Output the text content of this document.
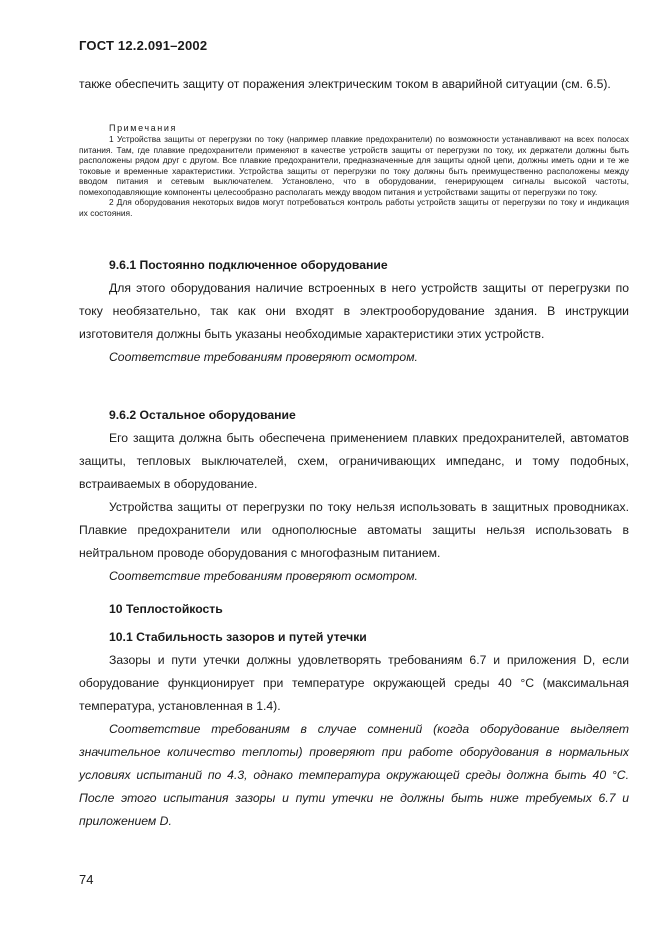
ГОСТ 12.2.091–2002

также обеспечить защиту от поражения электрическим током в аварийной ситуации (см. 6.5).

Примечания

1 Устройства защиты от перегрузки по току (например плавкие предохранители) по возможности устанавливают на всех полосах питания. Там, где плавкие предохранители применяют в качестве устройств защиты от перегрузки по току, их держатели должны быть расположены рядом друг с другом. Все плавкие предохранители, предназначенные для защиты одной цепи, должны иметь одни и те же токовые и временные характеристики. Устройства защиты от перегрузки по току должны быть преимущественно расположены между вводом питания и сетевым выключателем. Установлено, что в оборудовании, генерирующем сигналы высокой частоты, помехоподавляющие компоненты целесообразно располагать между вводом питания и устройствами защиты от перегрузки по току.

2 Для оборудования некоторых видов могут потребоваться контроль работы устройств защиты от перегрузки по току и индикация их состояния.

9.6.1 Постоянно подключенное оборудование

Для этого оборудования наличие встроенных в него устройств защиты от перегрузки по току необязательно, так как они входят в электрооборудование здания. В инструкции изготовителя должны быть указаны необходимые характеристики этих устройств.

Соответствие требованиям проверяют осмотром.

9.6.2 Остальное оборудование

Его защита должна быть обеспечена применением плавких предохранителей, автоматов защиты, тепловых выключателей, схем, ограничивающих импеданс, и тому подобных, встраиваемых в оборудование.

Устройства защиты от перегрузки по току нельзя использовать в защитных проводниках. Плавкие предохранители или однополюсные автоматы защиты нельзя использовать в нейтральном проводе оборудования с многофазным питанием.

Соответствие требованиям проверяют осмотром.

10 Теплостойкость

10.1 Стабильность зазоров и путей утечки

Зазоры и пути утечки должны удовлетворять требованиям 6.7 и приложения D, если оборудование функционирует при температуре окружающей среды 40 °С (максимальная температура, установленная в 1.4).

Соответствие требованиям в случае сомнений (когда оборудование выделяет значительное количество теплоты) проверяют при работе оборудования в нормальных условиях испытаний по 4.3, однако температура окружающей среды должна быть 40 °С. После этого испытания зазоры и пути утечки не должны быть ниже требуемых 6.7 и приложением D.

74
